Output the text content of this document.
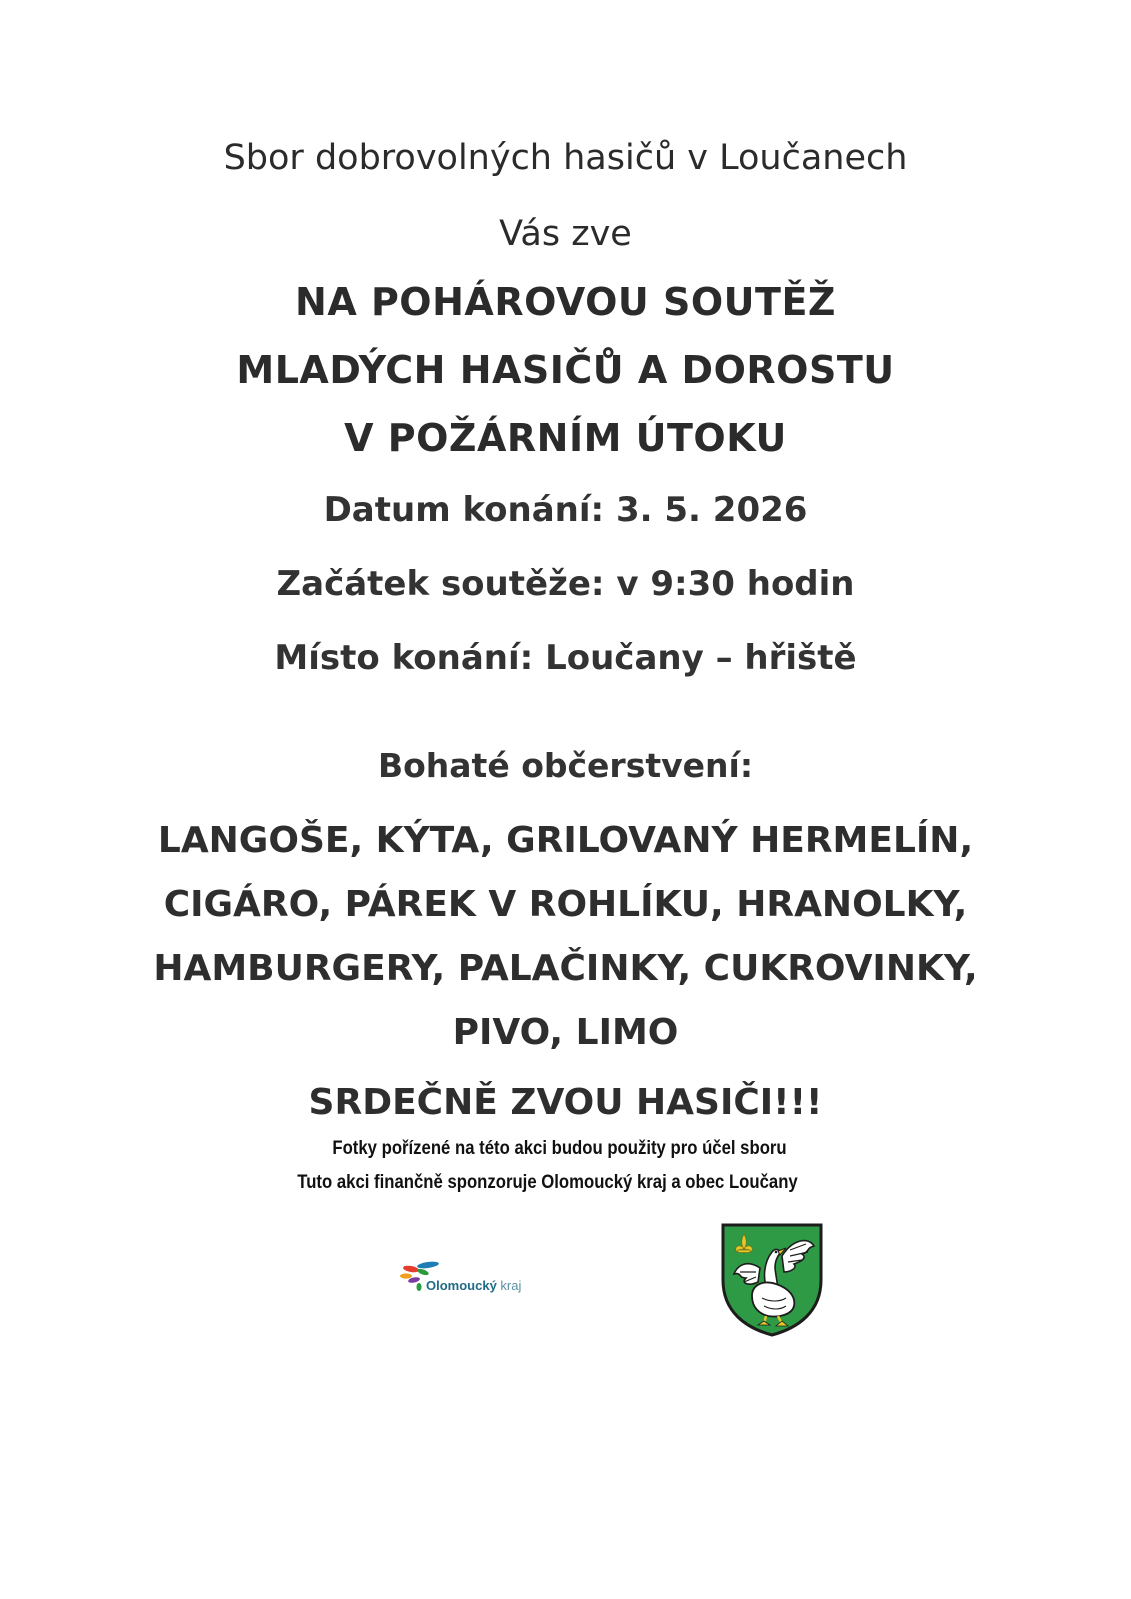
Sbor dobrovolných hasičů v Loučanech
Vás zve
NA POHÁROVOU SOUTĚŽ
MLADÝCH HASIČŮ A DOROSTU
V POŽÁRNÍM ÚTOKU
Datum konání: 3. 5. 2026
Začátek soutěže: v 9:30 hodin
Místo konání: Loučany – hřiště
Bohaté občerstvení:
LANGOŠE, KÝTA, GRILOVANÝ HERMELÍN,
CIGÁRO, PÁREK V ROHLÍKU, HRANOLKY,
HAMBURGERY, PALAČINKY, CUKROVINKY,
PIVO, LIMO
SRDEČNĚ ZVOU HASIČI!!!
Fotky pořízené na této akci budou použity pro účel sboru
Tuto akci finančně sponzoruje Olomoucký kraj a obec Loučany
Olomoucký kraj
